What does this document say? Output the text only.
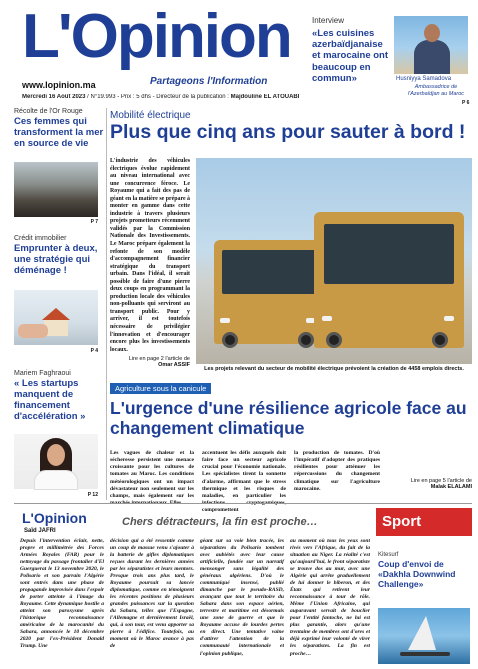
L'Opinion
Partageons l'Information
www.lopinion.ma
Mercredi 16 Août 2023 / N°19.993 - Prix : 5 dhs - Directeur de la publication : Majdouline EL ATOUABI
Interview
«Les cuisines azerbaïdjanaise et marocaine ont beaucoup en commun»	Husniyya Samadova
Ambassadrice de l'Azerbaïdjan au Maroc
P 6
Récolte de l'Or Rouge
Ces femmes qui transforment la mer en source de vie
P 7
Crédit immobilier
Emprunter à deux, une stratégie qui déménage !
P 4
Mariem Faghraoui
« Les startups manquent de financement d'accélération »
P 12
Mobilité électrique
Plus que cinq ans pour sauter à bord !
L'industrie des véhicules électriques évolue rapidement au niveau international avec une concurrence féroce. Le Royaume qui a fait des pas de géant en la matière se prépare à monter en gamme dans cette industrie à travers plusieurs projets prometteurs récemment validés par la Commission Nationale des Investissements. Le Maroc prépare également la refonte de son modèle d'accompagnement financier stratégique du transport urbain. Dans l'idéal, il serait possible de faire d'une pierre deux coups en programmant la production locale des véhicules non-polluants qui serviront au transport public. Pour y arriver, il est toutefois nécessaire de privilégier l'innovation et d'encourager encore plus les investissements locaux.
Lire en page 2 l'article de
Omar ASSIF
Les projets relevant du secteur de mobilité électrique prévoient la création de 4458 emplois directs.
Agriculture sous la canicule
L'urgence d'une résilience agricole face au changement climatique
Les vagues de chaleur et la sécheresse persistent une menace croissante pour les cultures de tomates au Maroc. Les conditions météorologiques ont un impact dévastateur non seulement sur les champs, mais également sur les
accentuent les défis auxquels doit faire face un secteur agricole crucial pour l'économie nationale. Les spécialistes tirent la sonnette d'alarme, affirmant que le stress thermique et les risques de maladies, en particulier les compromettent
la production de tomates. D'où l'impératif d'adopter des pratiques résilientes pour atténuer les répercussions du changement climatique sur l'agriculture marocaine.
Lire en page 5 l'article de
Malak ELALAMI
L'Opinion
Saïd JAFRI
Chers détracteurs, la fin est proche…
Depuis l'intervention éclair, nette, propre et millimétrée des Forces Armées Royales (FAR) pour le nettoyage du passage frontalier d'El Guerguerat le 13 novembre 2020, le Polisario et son parrain l'Algérie sont entrés dans une phase de propagande improvisée dans l'espoir de porter atteinte à l'image du Royaume. Cette dynamique hostile a atteint son paroxysme après l'historique reconnaissance américaine de la marocanité du Sahara, annoncée le 10 décembre 2020 par l'ex-Président Donald Trump. Une
décision qui a été ressentie comme un coup de massue venu s'ajouter à la batterie de gifles diplomatiques reçues durant les dernières années par les séparatistes et leurs mentors. Presque trois ans plus tard, le Royaume poursuit sa lancée diplomatique, comme en témoignent les récentes positions de plusieurs grandes puissances sur la question du Sahara, telles que l'Espagne, l'Allemagne et dernièrement Israël, qui, à son tour, est venu apporter sa pierre à l'édifice. Toutefois, au moment où le Maroc avance à pas de
géant sur sa voie bien tracée, les séparatistes du Polisario tombent avec aubiétés avec leur cause artificielle, fondée sur un narratif mensonger sans légalité des généraux algériens. D'où le communiqué insensé, publié dimanche par le pseudo-RASD, avançant que tout le territoire du Sahara dans son espace aérien, terrestre et maritime est désormais une zone de guerre et que le Royaume accuse de lourdes pertes en direct. Une tentative vaine d'attirer l'attention de la communauté internationale et l'opinion publique,
au moment où tous les yeux sont rivés vers l'Afrique, du fait de la situation au Niger. La réalité c'est qu'aujourd'hui, le front séparatiste se trouve dos au mur, avec une Algérie qui arrête graduellement de lui donner le biberon, et des États qui retirent leur reconnaissance à tour de rôle. Même l'Union Africaine, qui auparavant servait de bouclier pour l'entité fantoche, ne lui est plus garantie, alors qu'une trentaine de membres ont d'ores et déjà exprimé leur volonté de virer les séparatistes. La fin est proche…
Sport
Kitesurf
Coup d'envoi de «Dakhla Downwind Challenge»
